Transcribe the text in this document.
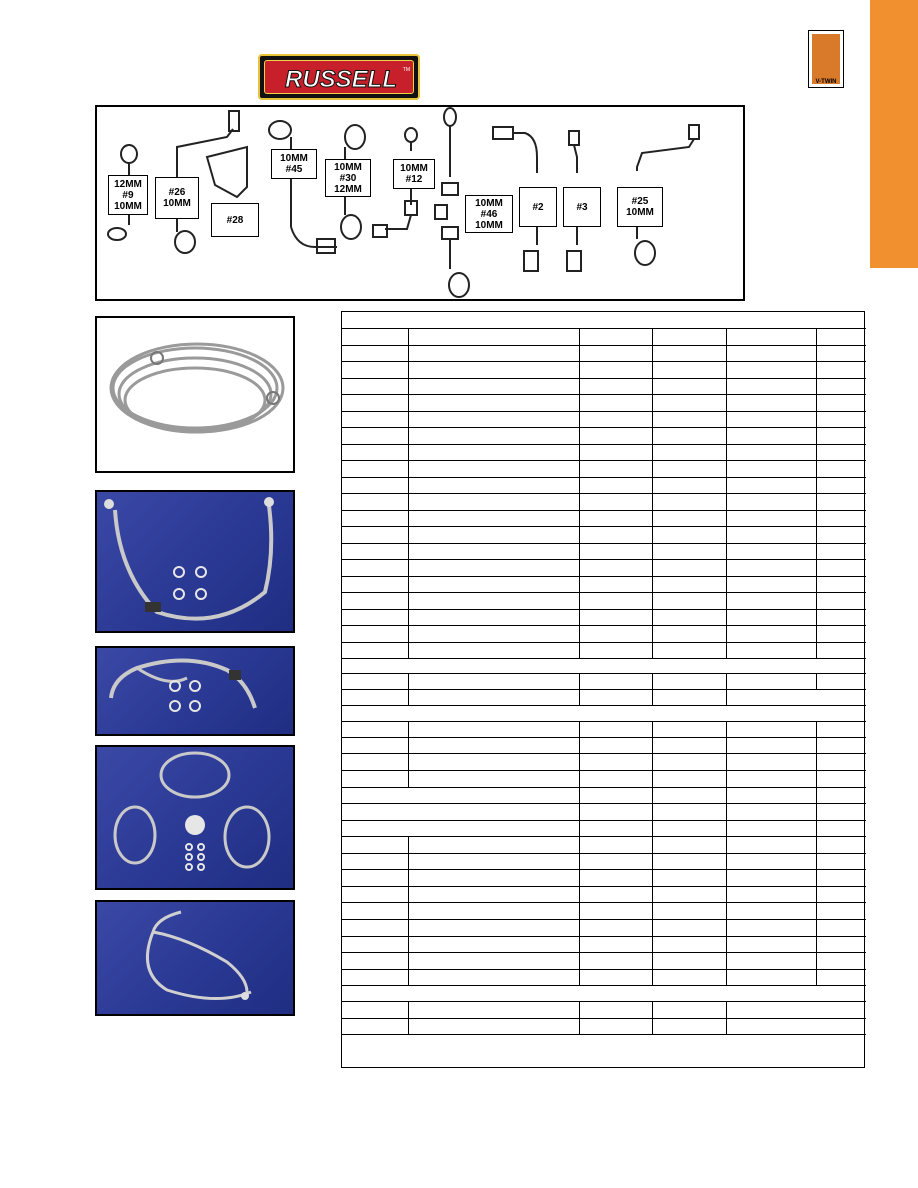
V-TWIN
RUSSELL TM
12MM
#9
10MM
#26
10MM
#28
10MM
#45	10MM
#30
12MM
10MM
#12
10MM
#46
10MM
#2	#3	#25
10MM
